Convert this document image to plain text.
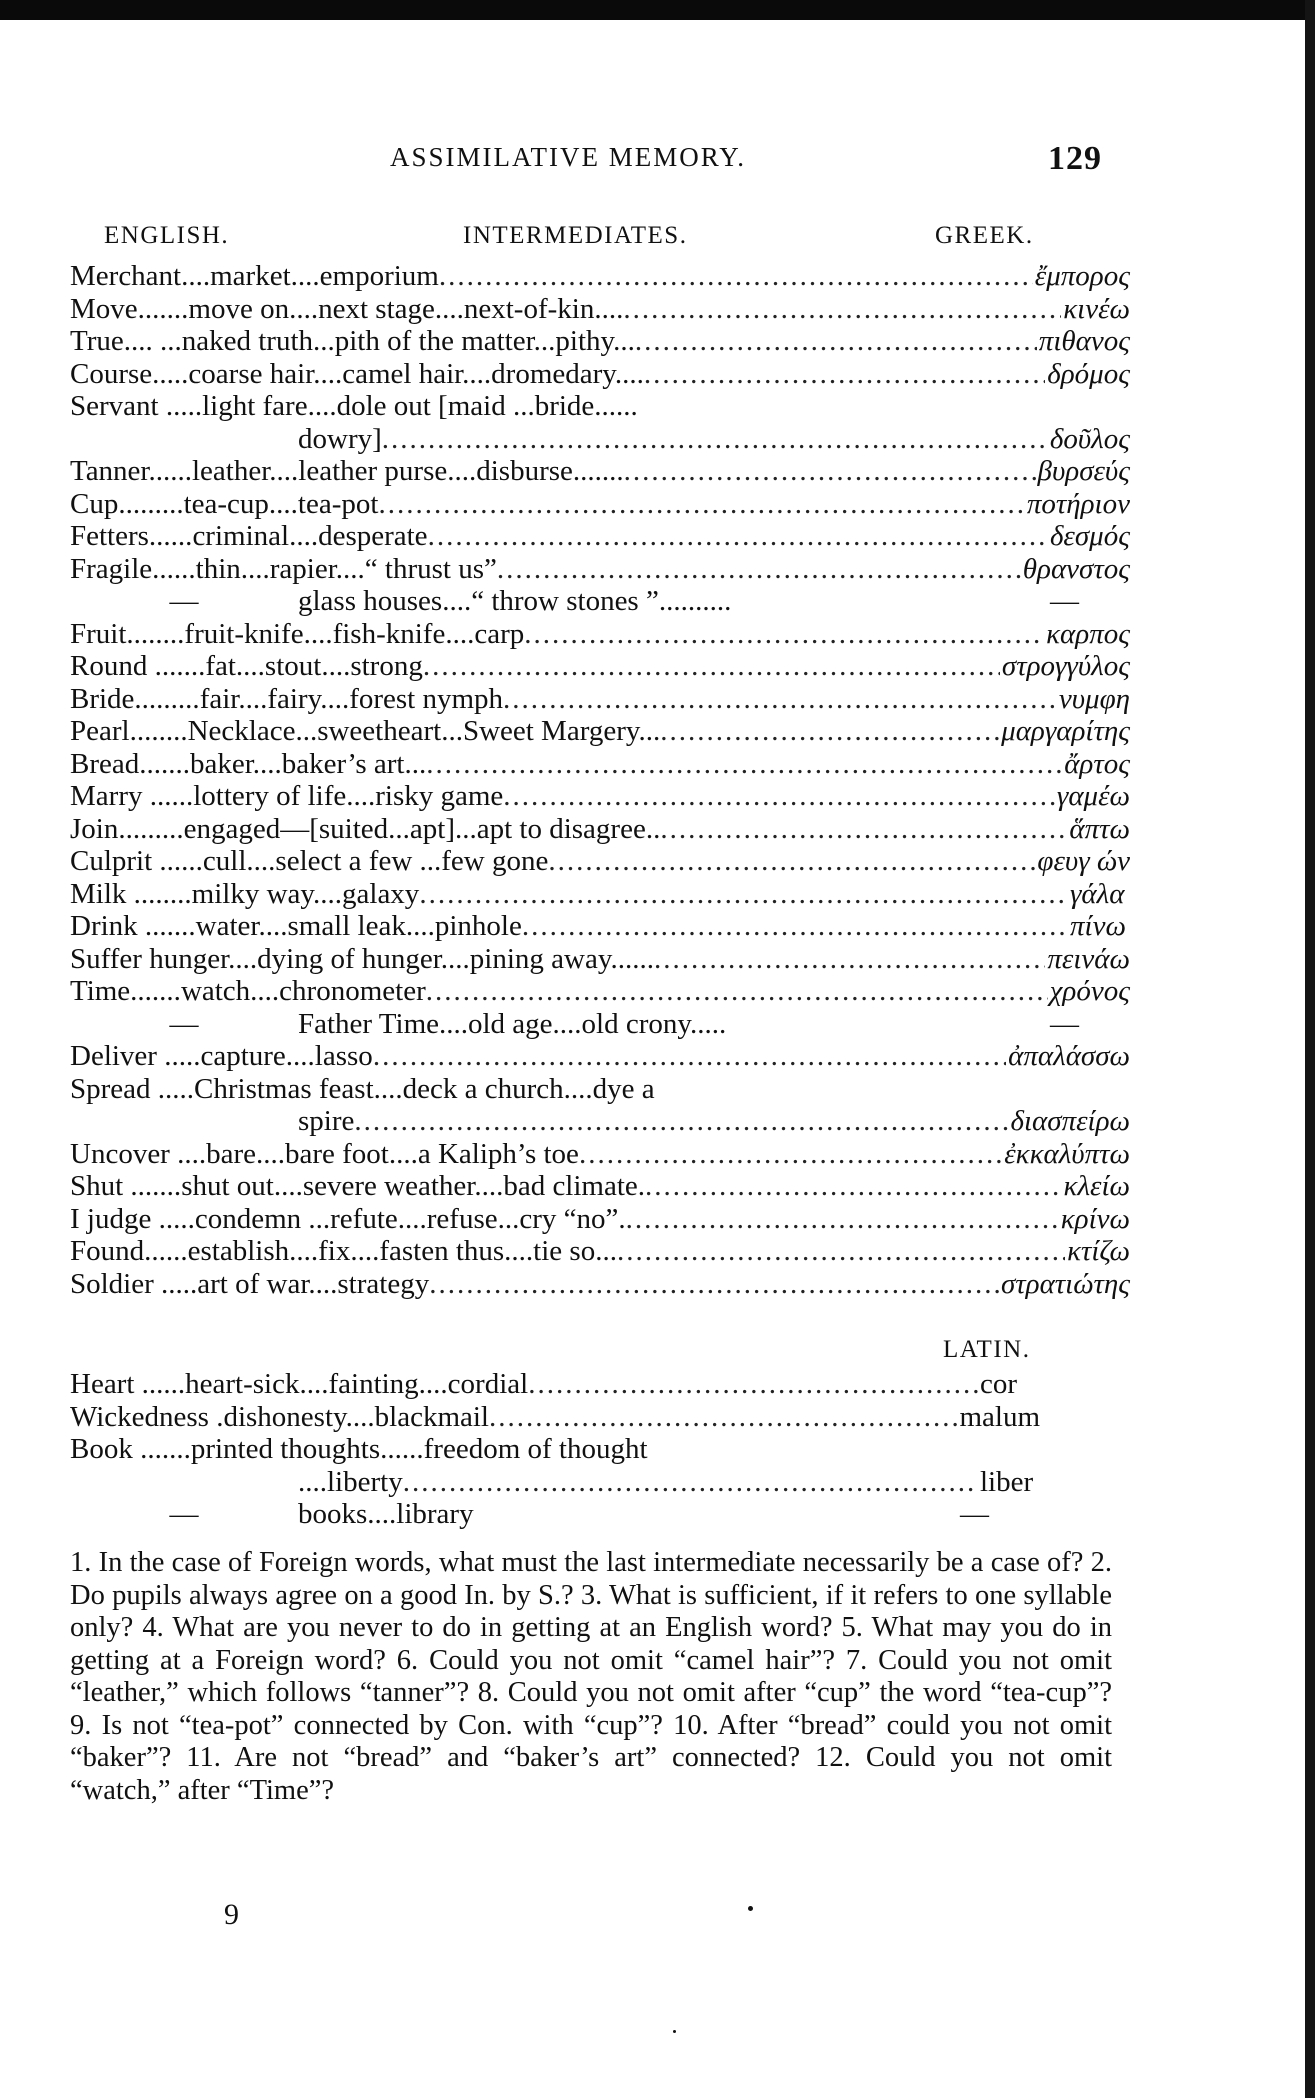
ASSIMILATIVE MEMORY.	129
ENGLISH.	INTERMEDIATES.	GREEK.
Merchant.... market....emporium .....	ἔμπορος
Move....... move on....next stage....next-of-kin.... .....	κινέω
True.... ... naked truth...pith of the matter...pithy... .....	πιθανος
Course..... coarse hair....camel hair....dromedary.... .....	δρόμος
Servant ..... light fare....dole out [maid ...bride......
dowry] .....	δοῦλος
Tanner...... leather....leather purse....disburse....... .....	βυρσεύς
Cup......... tea-cup....tea-pot .....	ποτήριον
Fetters...... criminal....desperate .....	δεσμός
Fragile...... thin....rapier....“ thrust us” .....	θρανστος
—	glass houses....“ throw stones ”..........	—
Fruit........ fruit-knife....fish-knife....carp .....	καρπος
Round ....... fat....stout....strong .....	στρογγύλος
Bride......... fair....fairy....forest nymph .....	νυμφη
Pearl........ Necklace...sweetheart...Sweet Margery... .....	μαργαρίτης
Bread....... baker....baker’s art... .....	ἄρτος
Marry ...... lottery of life....risky game .....	γαμέω
Join......... engaged—[suited...apt]...apt to disagree.. .....	ἅπτω
Culprit ...... cull....select a few ...few gone .....	φευγ ών
Milk ........ milky way....galaxy .....	γάλα
Drink ....... water....small leak....pinhole .....	πίνω
Suffer hunger.... dying of hunger....pining away...... .....	πεινάω
Time....... watch....chronometer .....	χρόνος
—	Father Time....old age....old crony.....	—
Deliver ..... capture....lasso .....	ἀπαλάσσω
Spread ..... Christmas feast....deck a church....dye a
spire .....	διασπείρω
Uncover .... bare....bare foot....a Kaliph’s toe .....	ἐκκαλύπτω
Shut ....... shut out....severe weather....bad climate. .....	κλείω
I judge ..... condemn ...refute....refuse...cry “no”. .....	κρίνω
Found...... establish....fix....fasten thus....tie so... .....	κτίζω
Soldier ..... art of war....strategy .....	στρατιώτης
LATIN.
Heart ...... heart-sick....fainting....cordial .....	cor
Wickedness . dishonesty....blackmail .....	malum
Book ....... printed thoughts......freedom of thought
....liberty .....	liber
—	books....library	—
1. In the case of Foreign words, what must the last intermediate necessarily be a case of? 2. Do pupils always agree on a good In. by S.? 3. What is sufficient, if it refers to one syllable only? 4. What are you never to do in getting at an English word? 5. What may you do in getting at a Foreign word? 6. Could you not omit “camel hair”? 7. Could you not omit “leather,” which follows “tanner”? 8. Could you not omit after “cup” the word “tea-cup”? 9. Is not “tea-pot” connected by Con. with “cup”? 10. After “bread” could you not omit “baker”? 11. Are not “bread” and “baker’s art” connected? 12. Could you not omit “watch,” after “Time”?
9
